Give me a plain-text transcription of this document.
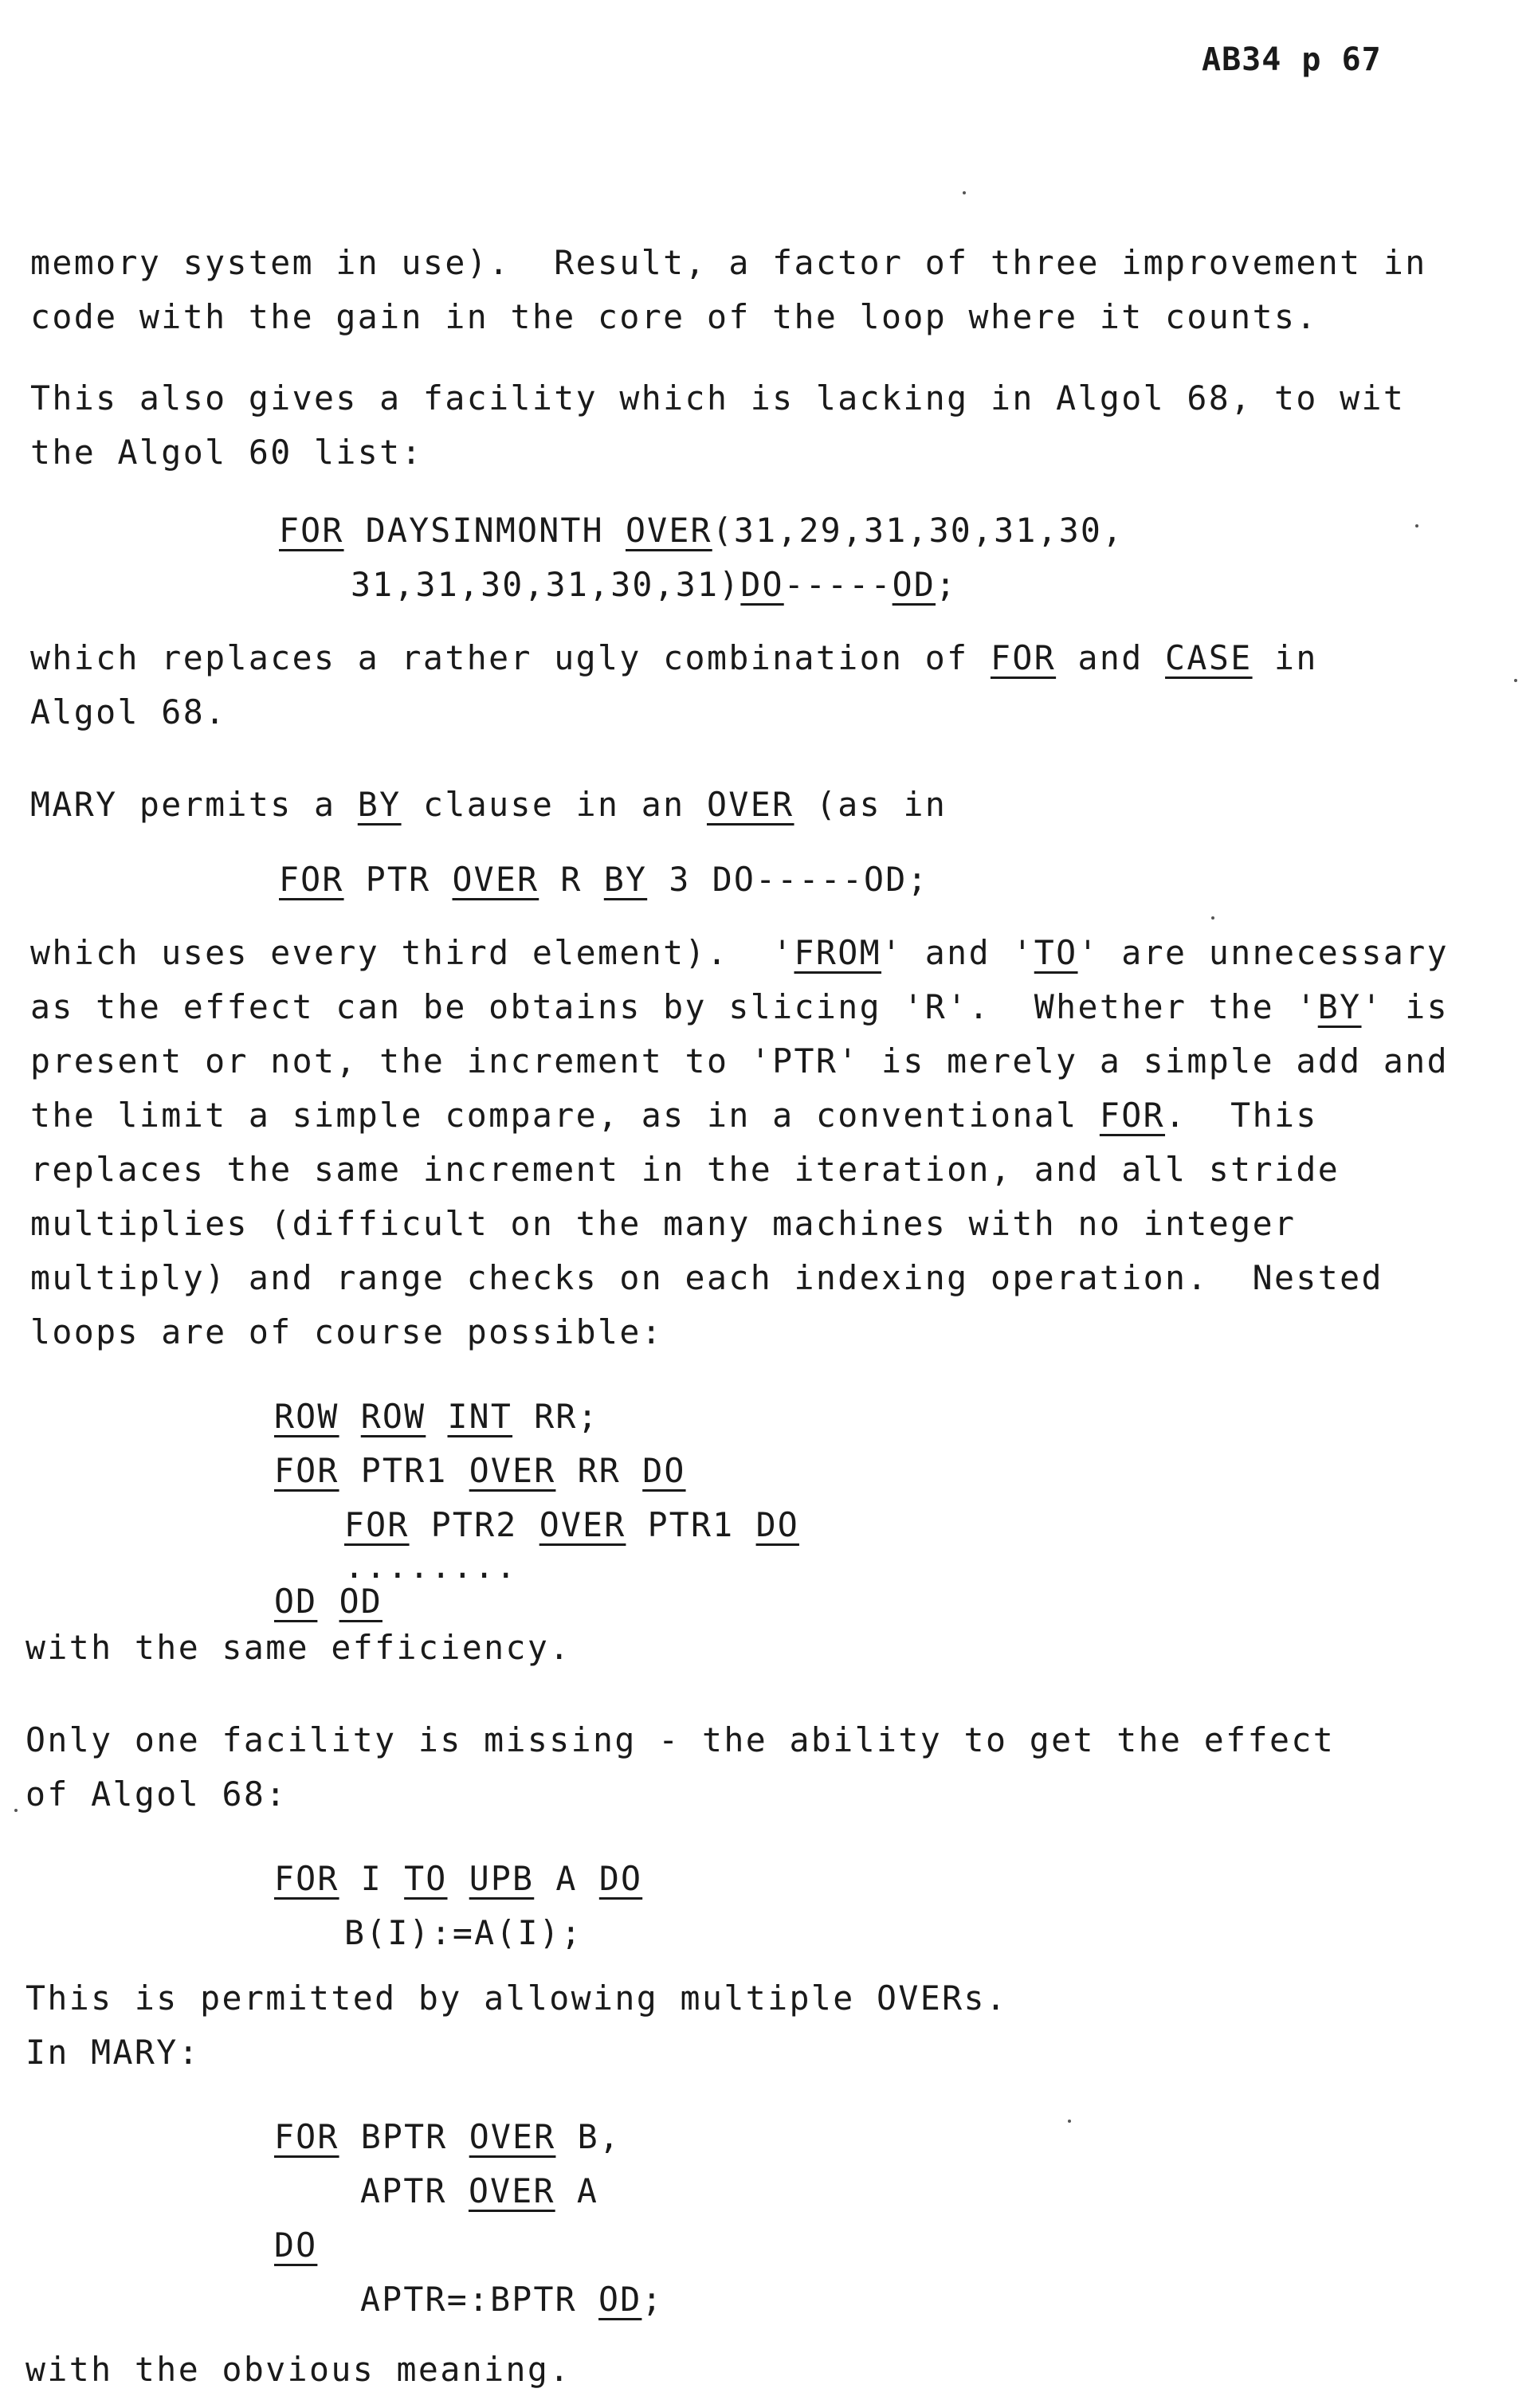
AB34 p 67
memory system in use).  Result, a factor of three improvement in
code with the gain in the core of the loop where it counts.
This also gives a facility which is lacking in Algol 68, to wit
the Algol 60 list:
FOR DAYSINMONTH OVER(31,29,31,30,31,30,
31,31,30,31,30,31)DO-----OD;
which replaces a rather ugly combination of FOR and CASE in
Algol 68.
MARY permits a BY clause in an OVER (as in
FOR PTR OVER R BY 3 DO-----OD;
which uses every third element).  'FROM' and 'TO' are unnecessary
as the effect can be obtains by slicing 'R'.  Whether the 'BY' is
present or not, the increment to 'PTR' is merely a simple add and
the limit a simple compare, as in a conventional FOR.  This
replaces the same increment in the iteration, and all stride
multiplies (difficult on the many machines with no integer
multiply) and range checks on each indexing operation.  Nested
loops are of course possible:
ROW ROW INT RR;
FOR PTR1 OVER RR DO
FOR PTR2 OVER PTR1 DO
........
OD OD
with the same efficiency.
Only one facility is missing - the ability to get the effect
of Algol 68:
FOR I TO UPB A DO
B(I):=A(I);
This is permitted by allowing multiple OVERs.
In MARY:
FOR BPTR OVER B,
APTR OVER A
DO
APTR=:BPTR OD;
with the obvious meaning.
